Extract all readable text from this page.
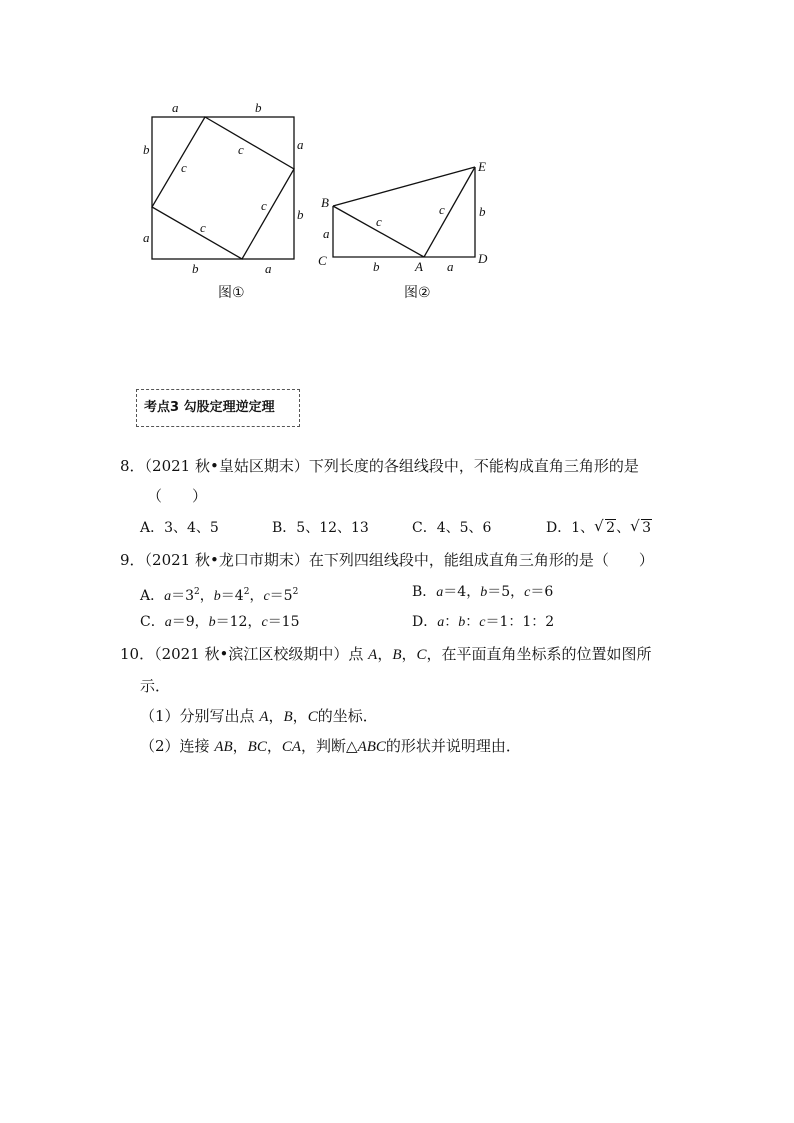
a	b
a
b
b	a
b
a
c
c
c
c
E
B
C	A
D
a
b	a
b
c
c
图①	图②
考点3 勾股定理逆定理
8．（2021 秋•皇姑区期末）下列长度的各组线段中，不能构成直角三角形的是
（　　）
A．3、4、5	B．5、12、13	C．4、5、6	D．1、 √ 2、 √ 3
9．（2021 秋•龙口市期末）在下列四组线段中，能组成直角三角形的是（　　）
A．$a=3^2$，$b=4^2$，$c=5^2$	B．a＝4，b＝5，c＝6
C．a＝9，b＝12，c＝15	D．a：b：c＝1：1：2
10．（2021 秋•滨江区校级期中）点 A，B，C，在平面直角坐标系的位置如图所
示．
（1）分别写出点 A，B，C的坐标．
（2）连接 AB，BC，CA，判断△ABC的形状并说明理由．
